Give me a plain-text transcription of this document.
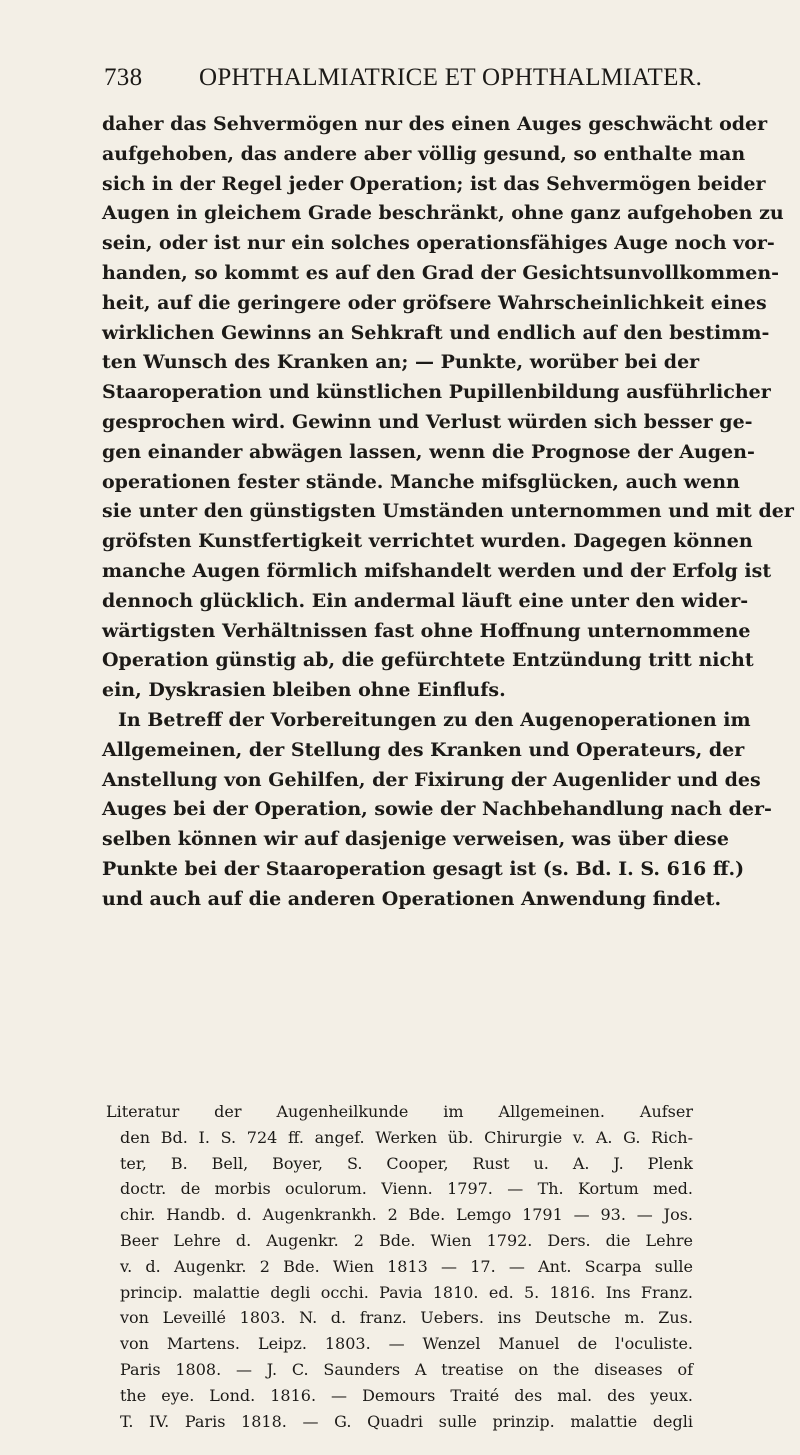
738 OPHTHALMIATRICE ET OPHTHALMIATER.
daher das Sehvermögen nur des einen Auges geschwächt oder
aufgehoben, das andere aber völlig gesund, so enthalte man
sich in der Regel jeder Operation; ist das Sehvermögen beider
Augen in gleichem Grade beschränkt, ohne ganz aufgehoben zu
sein, oder ist nur ein solches operationsfähiges Auge noch vor-
handen, so kommt es auf den Grad der Gesichtsunvollkommen-
heit, auf die geringere oder gröfsere Wahrscheinlichkeit eines
wirklichen Gewinns an Sehkraft und endlich auf den bestimm-
ten Wunsch des Kranken an; — Punkte, worüber bei der
Staaroperation und künstlichen Pupillenbildung ausführlicher
gesprochen wird. Gewinn und Verlust würden sich besser ge-
gen einander abwägen lassen, wenn die Prognose der Augen-
operationen fester stände. Manche mifsglücken, auch wenn
sie unter den günstigsten Umständen unternommen und mit der
gröfsten Kunstfertigkeit verrichtet wurden. Dagegen können
manche Augen förmlich mifshandelt werden und der Erfolg ist
dennoch glücklich. Ein andermal läuft eine unter den wider-
wärtigsten Verhältnissen fast ohne Hoffnung unternommene
Operation günstig ab, die gefürchtete Entzündung tritt nicht
ein, Dyskrasien bleiben ohne Einflufs.
In Betreff der Vorbereitungen zu den Augenoperationen im
Allgemeinen, der Stellung des Kranken und Operateurs, der
Anstellung von Gehilfen, der Fixirung der Augenlider und des
Auges bei der Operation, sowie der Nachbehandlung nach der-
selben können wir auf dasjenige verweisen, was über diese
Punkte bei der Staaroperation gesagt ist (s. Bd. I. S. 616 ff.)
und auch auf die anderen Operationen Anwendung findet.
Literatur der Augenheilkunde im Allgemeinen. Aufser
den Bd. I. S. 724 ff. angef. Werken üb. Chirurgie v. A. G. Rich-
ter, B. Bell, Boyer, S. Cooper, Rust u. A. J. Plenk
doctr. de morbis oculorum. Vienn. 1797. — Th. Kortum med.
chir. Handb. d. Augenkrankh. 2 Bde. Lemgo 1791 — 93. — Jos.
Beer Lehre d. Augenkr. 2 Bde. Wien 1792. Ders. die Lehre
v. d. Augenkr. 2 Bde. Wien 1813 — 17. — Ant. Scarpa sulle
princip. malattie degli occhi. Pavia 1810. ed. 5. 1816. Ins Franz.
von Leveillé 1803. N. d. franz. Uebers. ins Deutsche m. Zus.
von Martens. Leipz. 1803. — Wenzel Manuel de l'oculiste.
Paris 1808. — J. C. Saunders A treatise on the diseases of
the eye. Lond. 1816. — Demours Traité des mal. des yeux.
T. IV. Paris 1818. — G. Quadri sulle prinzip. malattie degli
